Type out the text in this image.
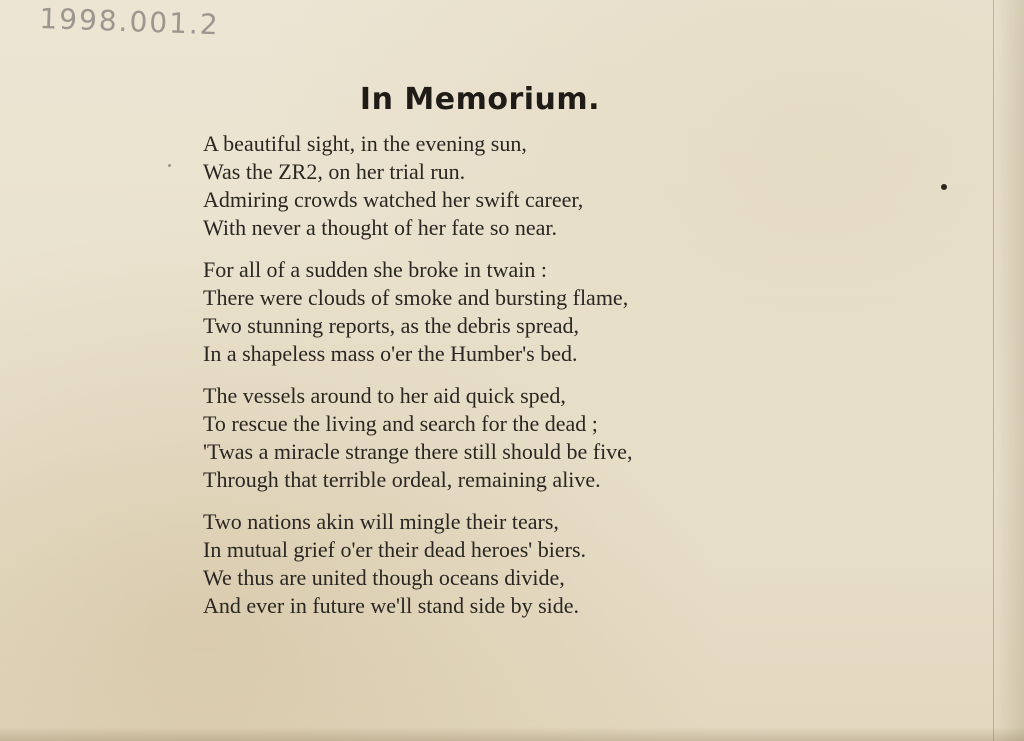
1998.001.2
In Memorium.
A beautiful sight, in the evening sun,
Was the ZR2, on her trial run.
Admiring crowds watched her swift career,
With never a thought of her fate so near.
For all of a sudden she broke in twain :
There were clouds of smoke and bursting flame,
Two stunning reports, as the debris spread,
In a shapeless mass o'er the Humber's bed.
The vessels around to her aid quick sped,
To rescue the living and search for the dead ;
'Twas a miracle strange there still should be five,
Through that terrible ordeal, remaining alive.
Two nations akin will mingle their tears,
In mutual grief o'er their dead heroes' biers.
We thus are united though oceans divide,
And ever in future we'll stand side by side.
